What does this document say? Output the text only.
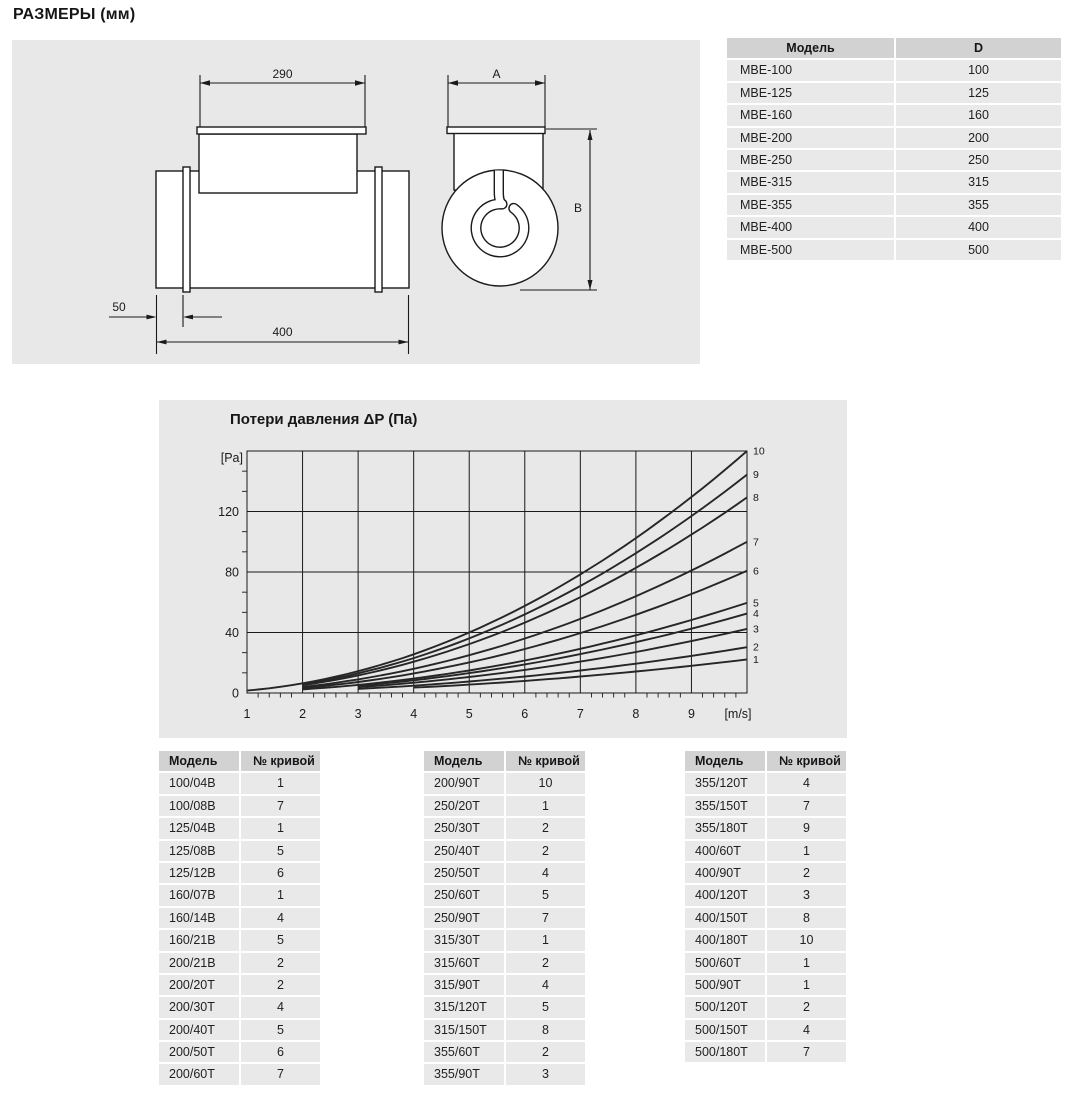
РАЗМЕРЫ (мм)
290
50
400
A
B
Модель	D
МВЕ-100	100
МВЕ-125	125
МВЕ-160	160
МВЕ-200	200
МВЕ-250	250
МВЕ-315	315
МВЕ-355	355
МВЕ-400	400
МВЕ-500	500
Потери давления ΔP (Па)
1
2
3
4
5
6
7
8
9
10
0
40
80
120
1	2	3	4	5	6	7	8	9
[Pa]
[m/s]
Модель	№ кривой
100/04B	1
100/08B	7
125/04B	1
125/08B	5
125/12B	6
160/07B	1
160/14B	4
160/21B	5
200/21B	2
200/20T	2
200/30T	4
200/40T	5
200/50T	6
200/60T	7
Модель	№ кривой
200/90T	10
250/20T	1
250/30T	2
250/40T	2
250/50T	4
250/60T	5
250/90T	7
315/30T	1
315/60T	2
315/90T	4
315/120T	5
315/150T	8
355/60T	2
355/90T	3
Модель	№ кривой
355/120T	4
355/150T	7
355/180T	9
400/60T	1
400/90T	2
400/120T	3
400/150T	8
400/180T	10
500/60T	1
500/90T	1
500/120T	2
500/150T	4
500/180T	7
